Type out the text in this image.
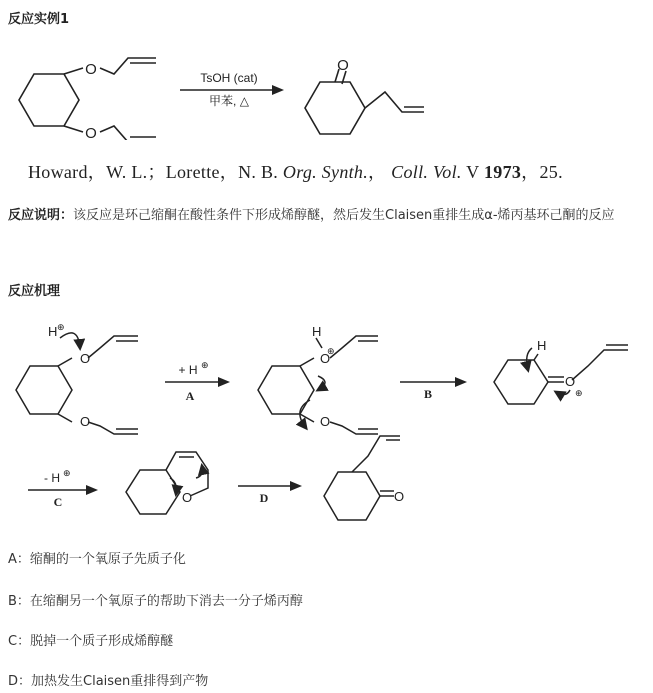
反应实例1
O
O
O
TsOH (cat)
甲苯, △
Howard，W. L.；Lorette，N. B. Org. Synth.， Coll. Vol. V 1973，25.
反应说明：该反应是环己缩酮在酸性条件下形成烯醇醚，然后发生Claisen重排生成α-烯丙基环己酮的反应
反应机理
H ⊕
O
O
+ H ⊕
A
H
O
⊕
O
B
H
O
⊕
- H ⊕
C	O	D	O
A：缩酮的一个氧原子先质子化
B：在缩酮另一个氧原子的帮助下消去一分子烯丙醇
C：脱掉一个质子形成烯醇醚
D：加热发生Claisen重排得到产物
